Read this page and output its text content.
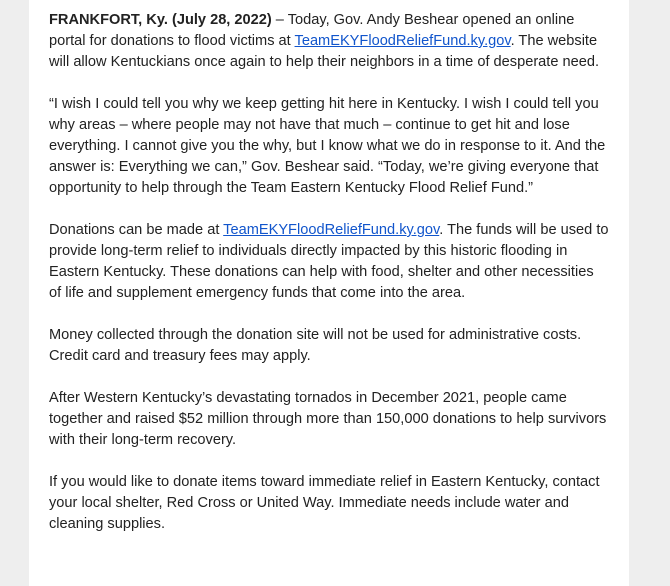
FRANKFORT, Ky. (July 28, 2022) – Today, Gov. Andy Beshear opened an online portal for donations to flood victims at TeamEKYFloodReliefFund.ky.gov. The website will allow Kentuckians once again to help their neighbors in a time of desperate need.

“I wish I could tell you why we keep getting hit here in Kentucky. I wish I could tell you why areas – where people may not have that much – continue to get hit and lose everything. I cannot give you the why, but I know what we do in response to it. And the answer is: Everything we can,” Gov. Beshear said. “Today, we’re giving everyone that opportunity to help through the Team Eastern Kentucky Flood Relief Fund.”

Donations can be made at TeamEKYFloodReliefFund.ky.gov. The funds will be used to provide long-term relief to individuals directly impacted by this historic flooding in Eastern Kentucky. These donations can help with food, shelter and other necessities of life and supplement emergency funds that come into the area.

Money collected through the donation site will not be used for administrative costs. Credit card and treasury fees may apply.

After Western Kentucky’s devastating tornados in December 2021, people came together and raised $52 million through more than 150,000 donations to help survivors with their long-term recovery.

If you would like to donate items toward immediate relief in Eastern Kentucky, contact your local shelter, Red Cross or United Way. Immediate needs include water and cleaning supplies.
